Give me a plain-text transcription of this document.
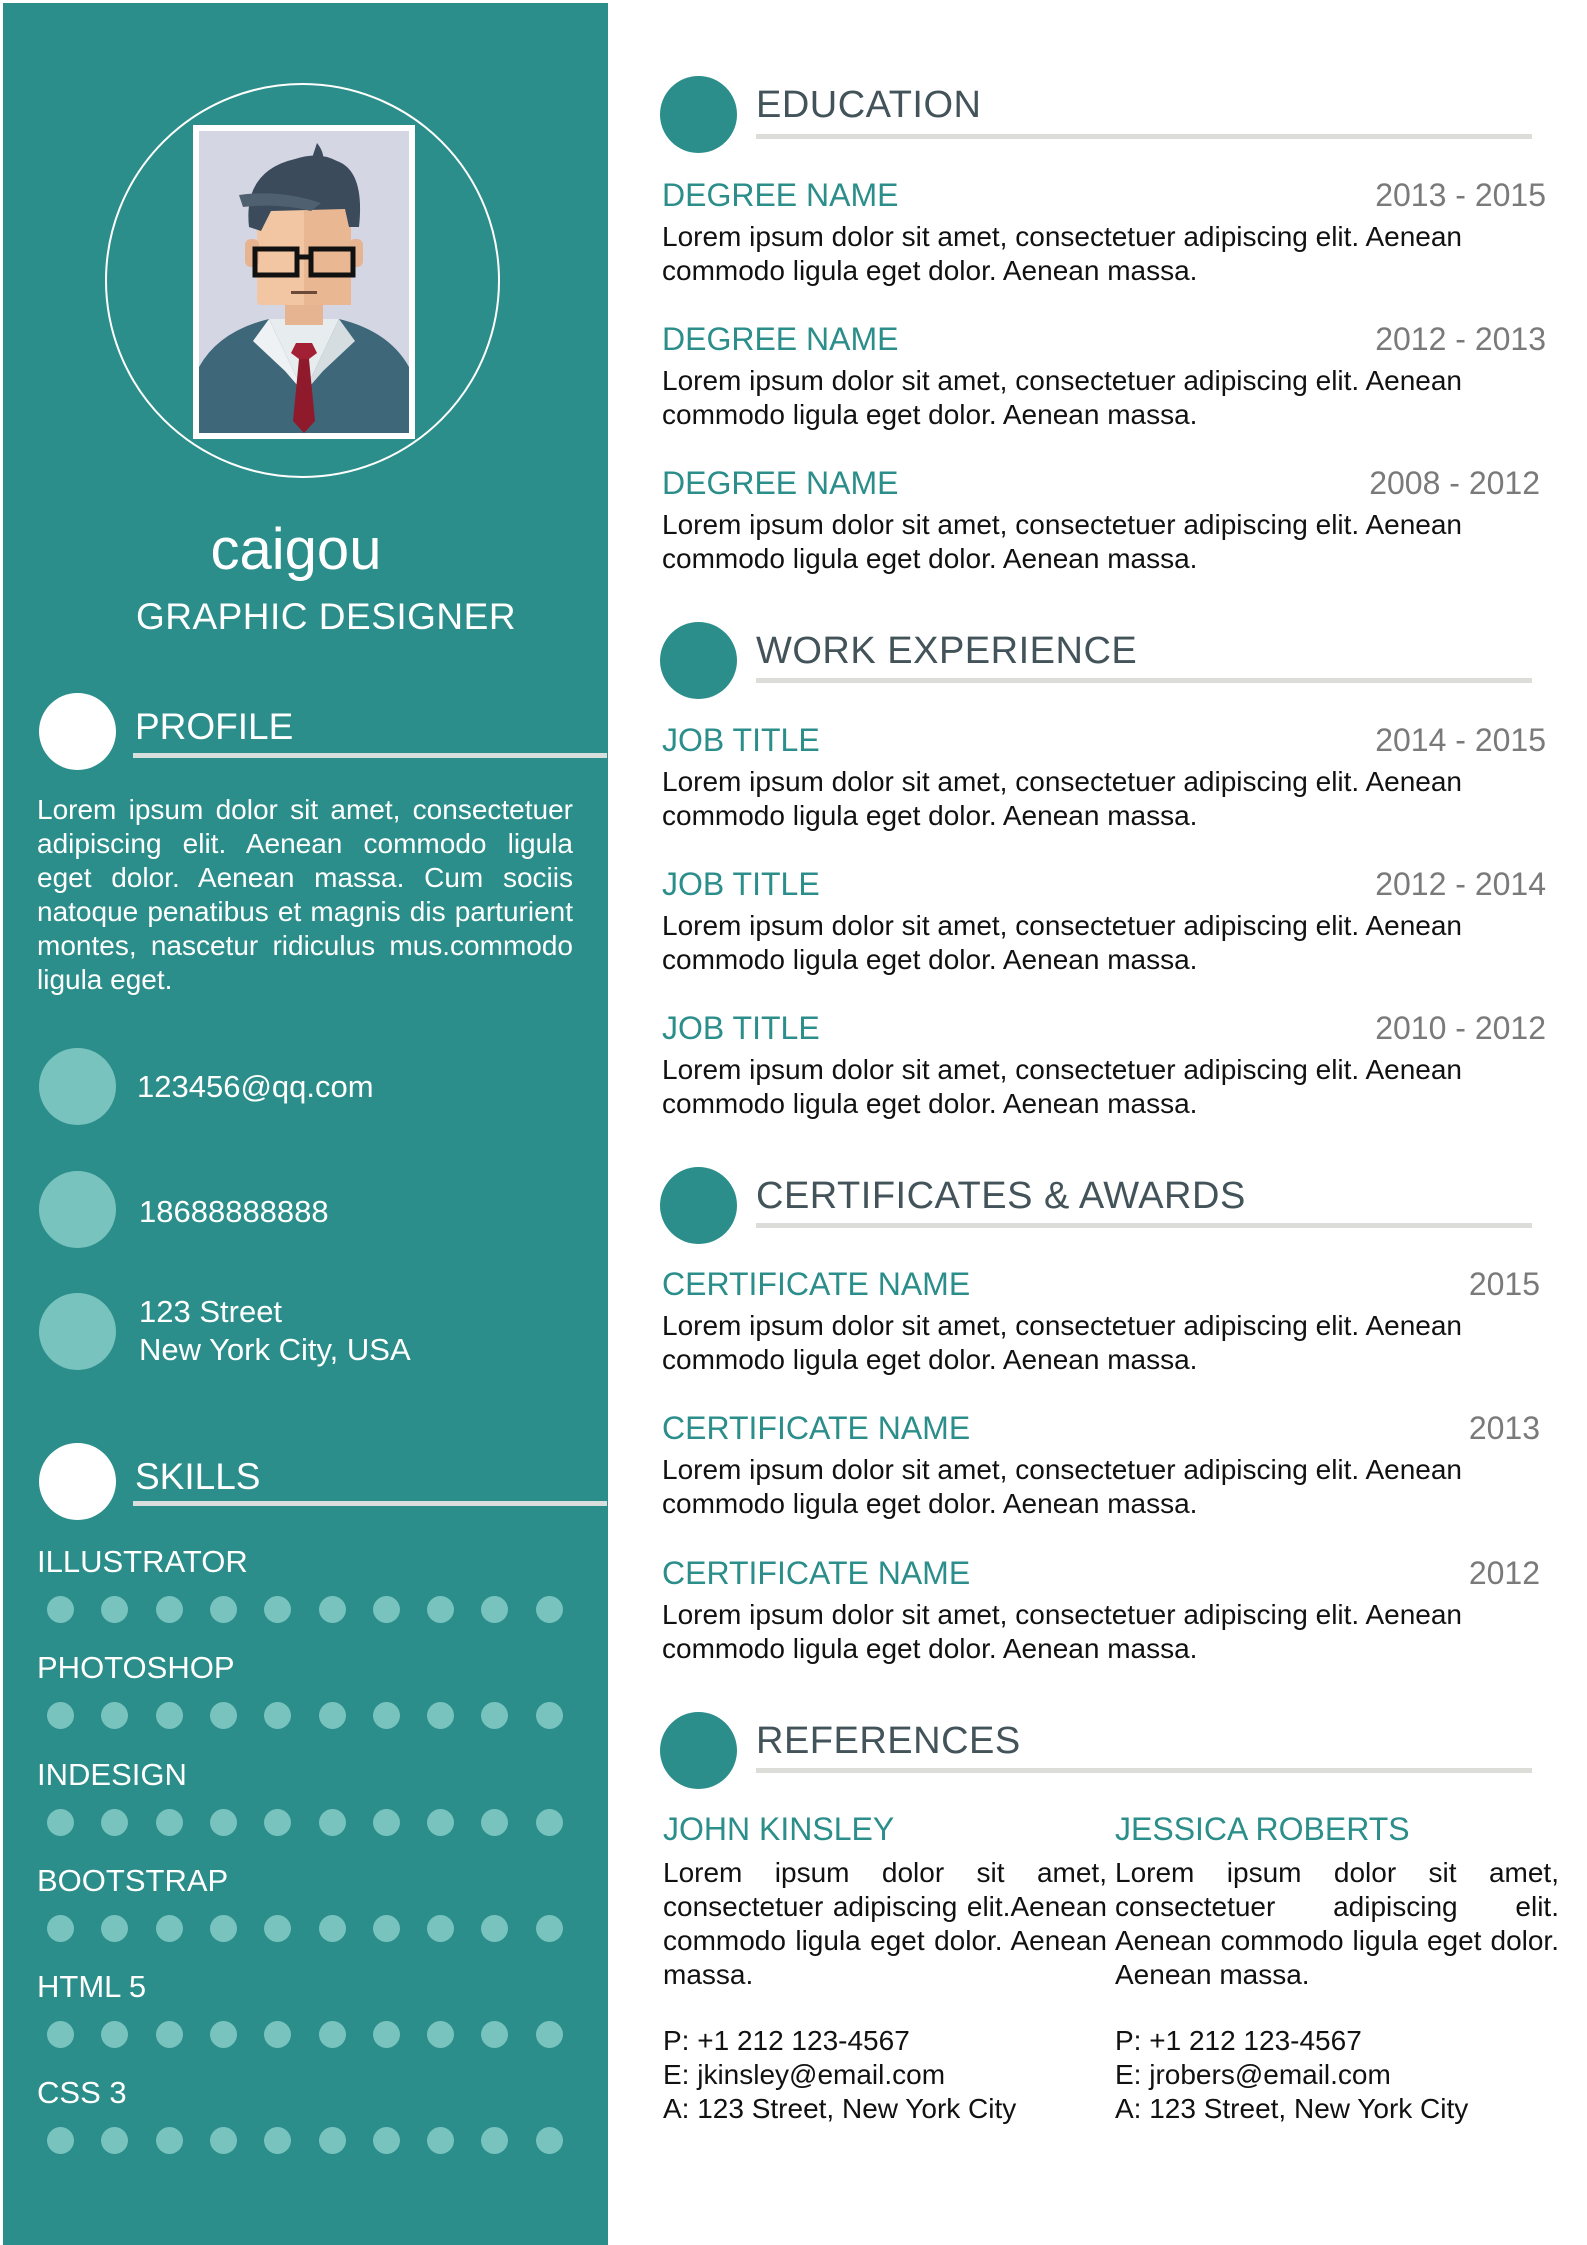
caigou
GRAPHIC DESIGNER
PROFILE
Lorem ipsum dolor sit amet, consectetuer adipiscing elit. Aenean commodo ligula eget dolor. Aenean massa. Cum sociis natoque penatibus et magnis dis parturient montes, nascetur ridiculus mus.commodo ligula eget.
123456@qq.com
18688888888
123 Street
New York City, USA
SKILLS
ILLUSTRATOR
PHOTOSHOP
INDESIGN
BOOTSTRAP
HTML 5
CSS 3
EDUCATION
DEGREE NAME	2013 - 2015
Lorem ipsum dolor sit amet, consectetuer adipiscing elit. Aenean commodo ligula eget dolor. Aenean massa.
DEGREE NAME	2012 - 2013
Lorem ipsum dolor sit amet, consectetuer adipiscing elit. Aenean commodo ligula eget dolor. Aenean massa.
DEGREE NAME	2008 - 2012
Lorem ipsum dolor sit amet, consectetuer adipiscing elit. Aenean commodo ligula eget dolor. Aenean massa.
WORK EXPERIENCE
JOB TITLE	2014 - 2015
Lorem ipsum dolor sit amet, consectetuer adipiscing elit. Aenean commodo ligula eget dolor. Aenean massa.
JOB TITLE	2012 - 2014
Lorem ipsum dolor sit amet, consectetuer adipiscing elit. Aenean commodo ligula eget dolor. Aenean massa.
JOB TITLE	2010 - 2012
Lorem ipsum dolor sit amet, consectetuer adipiscing elit. Aenean commodo ligula eget dolor. Aenean massa.
CERTIFICATES & AWARDS
CERTIFICATE NAME	2015
Lorem ipsum dolor sit amet, consectetuer adipiscing elit. Aenean commodo ligula eget dolor. Aenean massa.
CERTIFICATE NAME	2013
Lorem ipsum dolor sit amet, consectetuer adipiscing elit. Aenean commodo ligula eget dolor. Aenean massa.
CERTIFICATE NAME	2012
Lorem ipsum dolor sit amet, consectetuer adipiscing elit. Aenean commodo ligula eget dolor. Aenean massa.
REFERENCES
JOHN KINSLEY
Lorem ipsum dolor sit amet, consectetuer adipiscing elit.Aenean commodo ligula eget dolor. Aenean massa.
P: +1 212 123-4567
E: jkinsley@email.com
A: 123 Street, New York City
JESSICA ROBERTS
Lorem ipsum dolor sit amet, consectetuer adipiscing elit. Aenean commodo ligula eget dolor. Aenean massa.
P: +1 212 123-4567
E: jrobers@email.com
A: 123 Street, New York City
